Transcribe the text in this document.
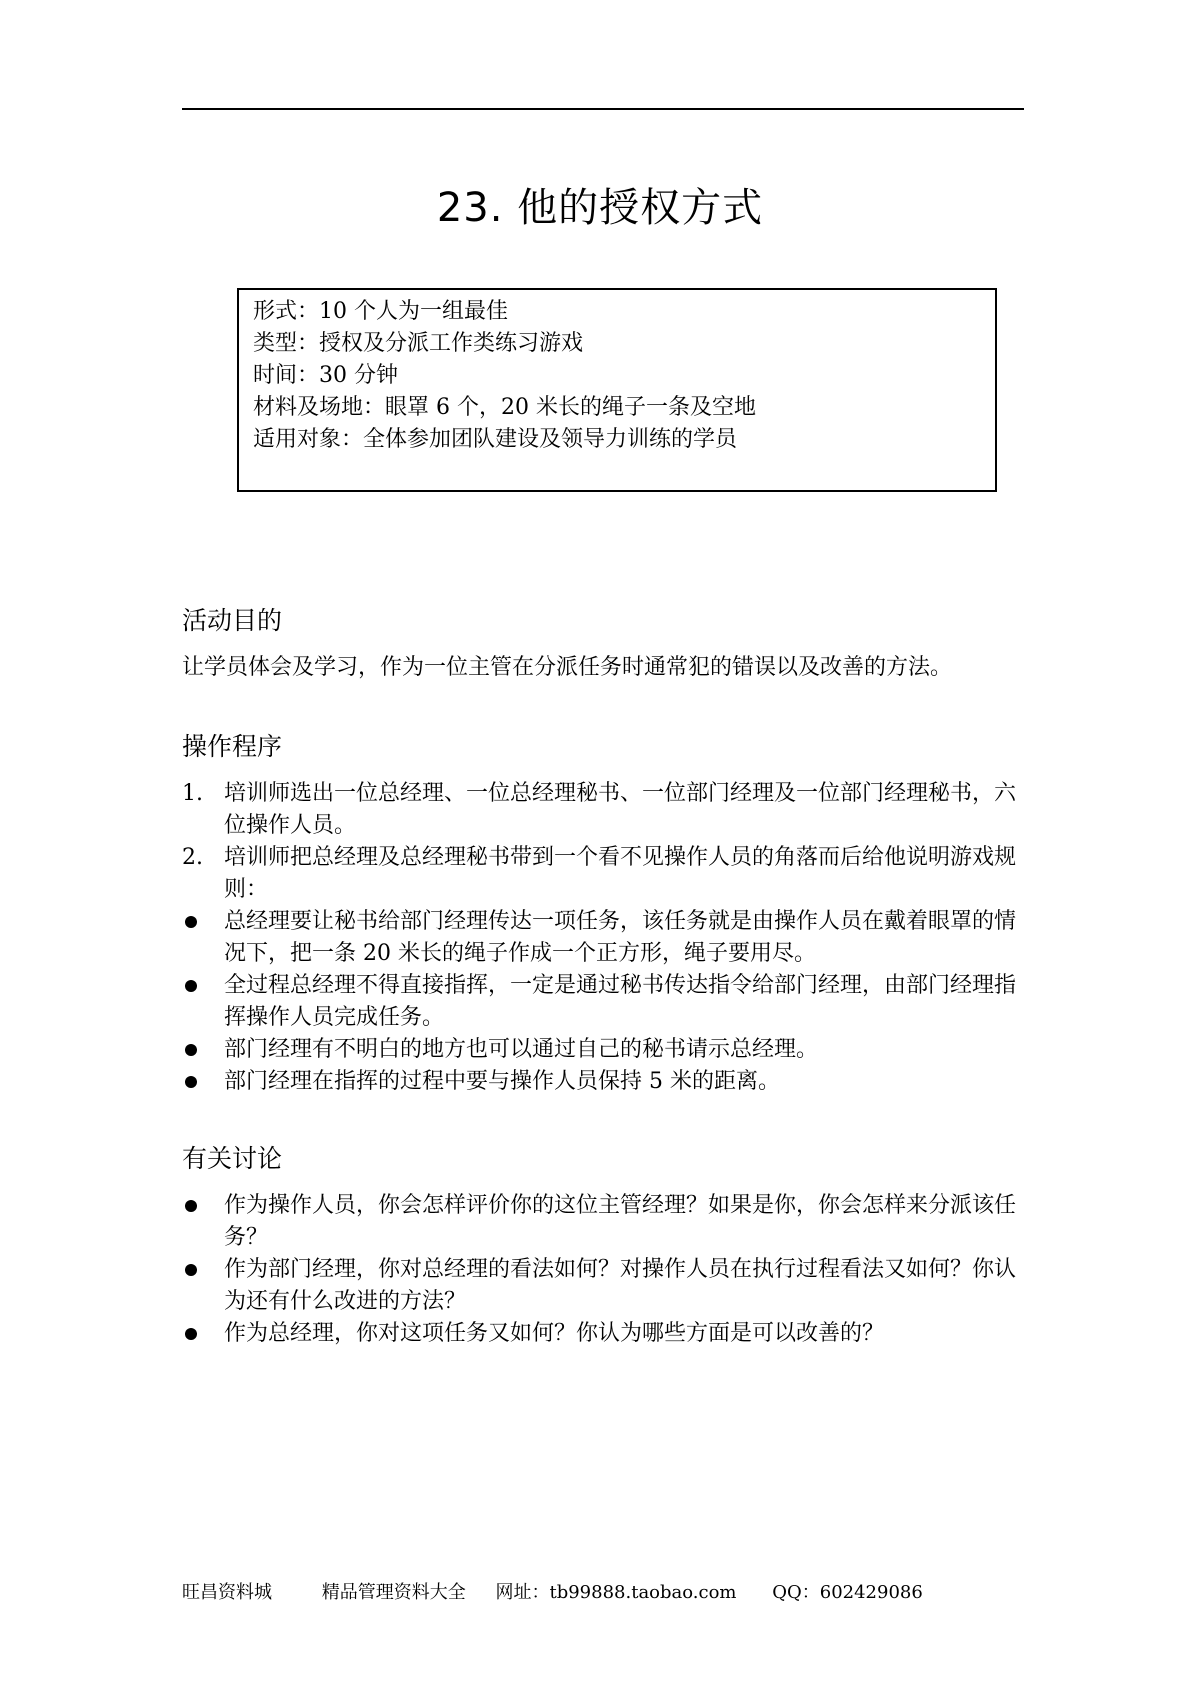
23. 他的授权方式
形式：10 个人为一组最佳
类型：授权及分派工作类练习游戏
时间：30 分钟
材料及场地：眼罩 6 个，20 米长的绳子一条及空地
适用对象：全体参加团队建设及领导力训练的学员
活动目的
让学员体会及学习，作为一位主管在分派任务时通常犯的错误以及改善的方法。
操作程序
1. 培训师选出一位总经理、一位总经理秘书、一位部门经理及一位部门经理秘书，六位操作人员。
2. 培训师把总经理及总经理秘书带到一个看不见操作人员的角落而后给他说明游戏规则：
总经理要让秘书给部门经理传达一项任务，该任务就是由操作人员在戴着眼罩的情况下，把一条 20 米长的绳子作成一个正方形，绳子要用尽。
全过程总经理不得直接指挥，一定是通过秘书传达指令给部门经理，由部门经理指挥操作人员完成任务。
部门经理有不明白的地方也可以通过自己的秘书请示总经理。
部门经理在指挥的过程中要与操作人员保持 5 米的距离。
有关讨论
作为操作人员，你会怎样评价你的这位主管经理？如果是你，你会怎样来分派该任务？
作为部门经理，你对总经理的看法如何？对操作人员在执行过程看法又如何？你认为还有什么改进的方法？
作为总经理，你对这项任务又如何？你认为哪些方面是可以改善的？
旺昌资料城	精品管理资料大全 网址：tb99888.taobao.com QQ：602429086
